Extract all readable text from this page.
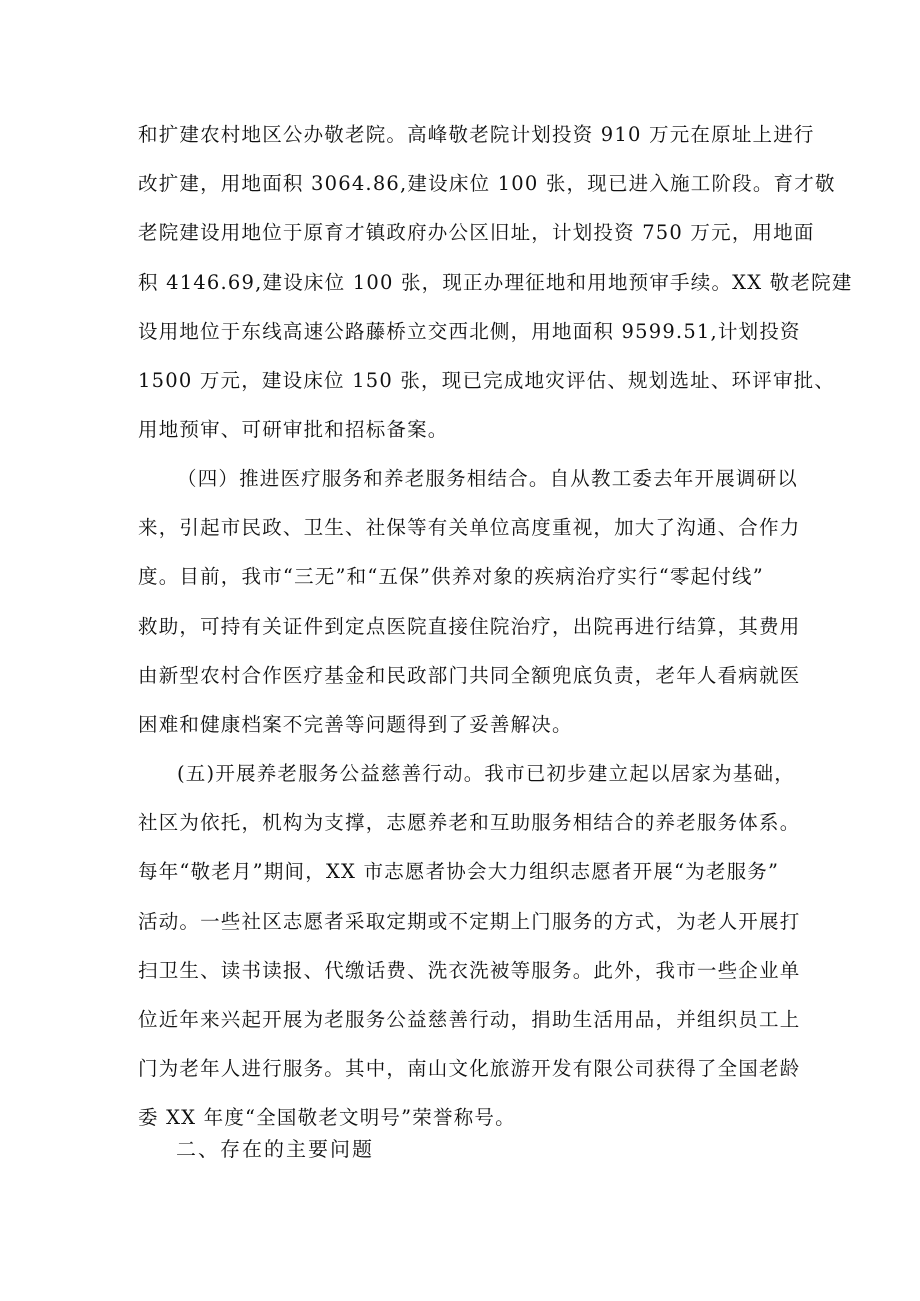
和扩建农村地区公办敬老院。高峰敬老院计划投资 910 万元在原址上进行
改扩建，用地面积 3064.86,建设床位 100 张，现已进入施工阶段。育才敬
老院建设用地位于原育才镇政府办公区旧址，计划投资 750 万元，用地面
积 4146.69,建设床位 100 张，现正办理征地和用地预审手续。XX 敬老院建
设用地位于东线高速公路藤桥立交西北侧，用地面积 9599.51,计划投资
1500 万元，建设床位 150 张，现已完成地灾评估、规划选址、环评审批、
用地预审、可研审批和招标备案。
（四）推进医疗服务和养老服务相结合。自从教工委去年开展调研以
来，引起市民政、卫生、社保等有关单位高度重视，加大了沟通、合作力
度。目前，我市“三无”和“五保”供养对象的疾病治疗实行“零起付线”
救助，可持有关证件到定点医院直接住院治疗，出院再进行结算，其费用
由新型农村合作医疗基金和民政部门共同全额兜底负责，老年人看病就医
困难和健康档案不完善等问题得到了妥善解决。
(五)开展养老服务公益慈善行动。我市已初步建立起以居家为基础，
社区为依托，机构为支撑，志愿养老和互助服务相结合的养老服务体系。
每年“敬老月”期间，XX 市志愿者协会大力组织志愿者开展“为老服务”
活动。一些社区志愿者采取定期或不定期上门服务的方式，为老人开展打
扫卫生、读书读报、代缴话费、洗衣洗被等服务。此外，我市一些企业单
位近年来兴起开展为老服务公益慈善行动，捐助生活用品，并组织员工上
门为老年人进行服务。其中，南山文化旅游开发有限公司获得了全国老龄
委 XX 年度“全国敬老文明号”荣誉称号。
二、存在的主要问题
